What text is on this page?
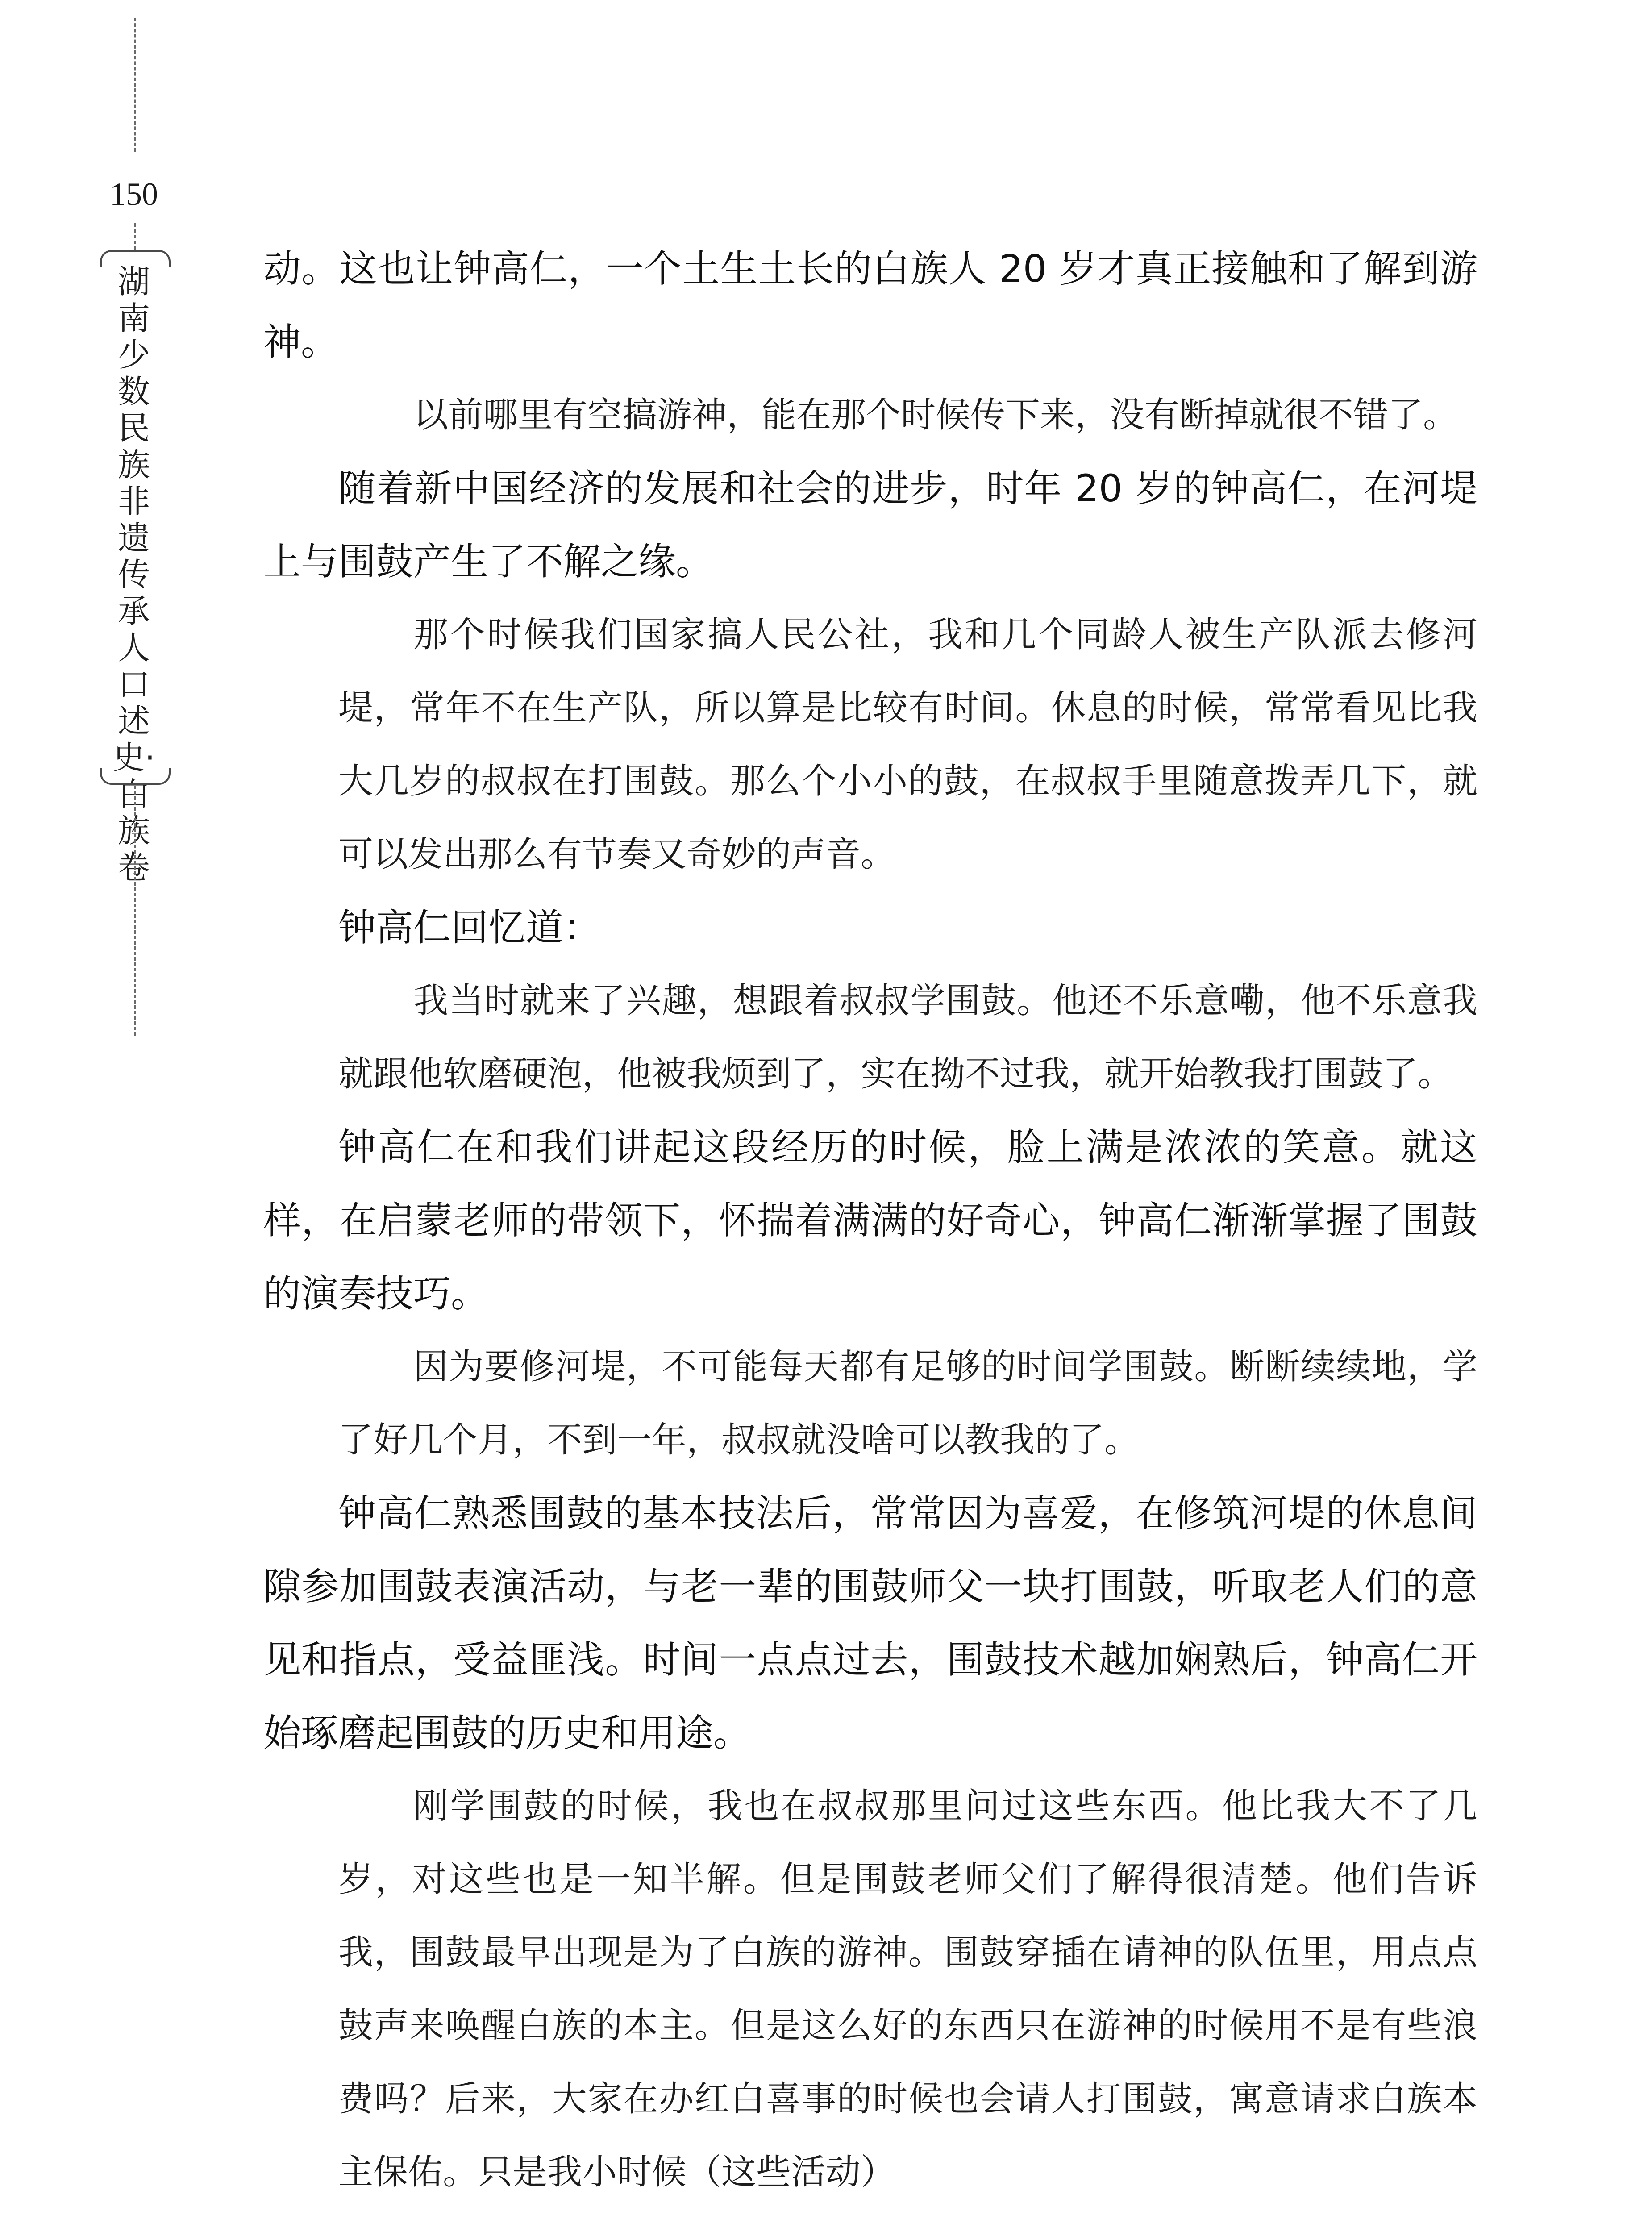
150
湖南少数民族非遗传承人口述史·白族卷

动。这也让钟高仁，一个土生土长的白族人 20 岁才真正接触和了解到游神。

以前哪里有空搞游神，能在那个时候传下来，没有断掉就很不错了。

随着新中国经济的发展和社会的进步，时年 20 岁的钟高仁，在河堤上与围鼓产生了不解之缘。

那个时候我们国家搞人民公社，我和几个同龄人被生产队派去修河堤，常年不在生产队，所以算是比较有时间。休息的时候，常常看见比我大几岁的叔叔在打围鼓。那么个小小的鼓，在叔叔手里随意拨弄几下，就可以发出那么有节奏又奇妙的声音。

钟高仁回忆道：

我当时就来了兴趣，想跟着叔叔学围鼓。他还不乐意嘞，他不乐意我就跟他软磨硬泡，他被我烦到了，实在拗不过我，就开始教我打围鼓了。

钟高仁在和我们讲起这段经历的时候，脸上满是浓浓的笑意。就这样，在启蒙老师的带领下，怀揣着满满的好奇心，钟高仁渐渐掌握了围鼓的演奏技巧。

因为要修河堤，不可能每天都有足够的时间学围鼓。断断续续地，学了好几个月，不到一年，叔叔就没啥可以教我的了。

钟高仁熟悉围鼓的基本技法后，常常因为喜爱，在修筑河堤的休息间隙参加围鼓表演活动，与老一辈的围鼓师父一块打围鼓，听取老人们的意见和指点，受益匪浅。时间一点点过去，围鼓技术越加娴熟后，钟高仁开始琢磨起围鼓的历史和用途。

刚学围鼓的时候，我也在叔叔那里问过这些东西。他比我大不了几岁，对这些也是一知半解。但是围鼓老师父们了解得很清楚。他们告诉我，围鼓最早出现是为了白族的游神。围鼓穿插在请神的队伍里，用点点鼓声来唤醒白族的本主。但是这么好的东西只在游神的时候用不是有些浪费吗？后来，大家在办红白喜事的时候也会请人打围鼓，寓意请求白族本主保佑。只是我小时候（这些活动）
